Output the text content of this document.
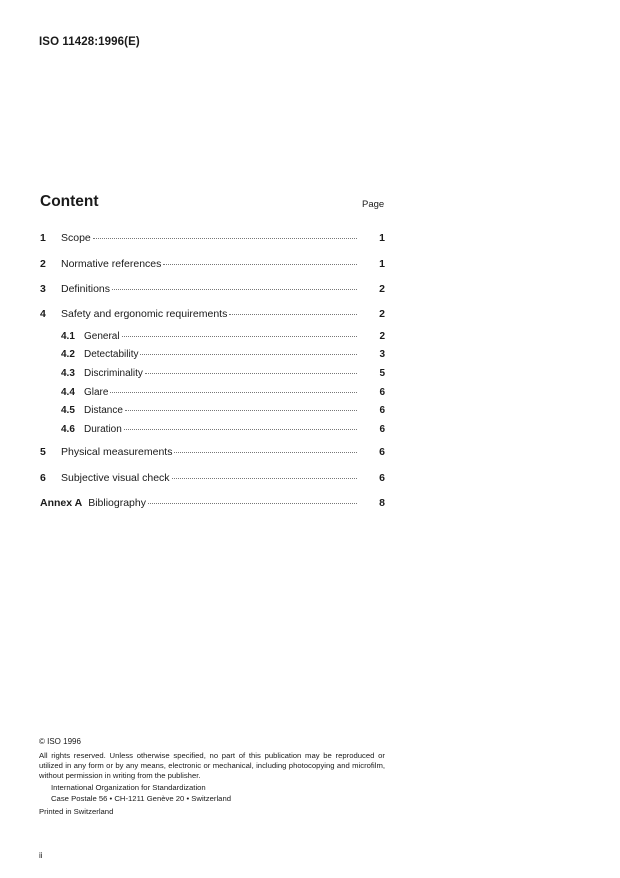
ISO 11428:1996(E)
Content	Page
1	Scope	1
2	Normative references	1
3	Definitions	2
4	Safety and ergonomic requirements	2
4.1 General	2
4.2 Detectability	3
4.3 Discriminality	5
4.4 Glare	6
4.5 Distance	6
4.6 Duration	6
5	Physical measurements	6
6	Subjective visual check	6
Annex A Bibliography	8
© ISO 1996
All rights reserved. Unless otherwise specified, no part of this publication may be reproduced or utilized in any form or by any means, electronic or mechanical, including photocopying and microfilm, without permission in writing from the publisher.
International Organization for Standardization
Case Postale 56 • CH-1211 Genève 20 • Switzerland
Printed in Switzerland
ii
